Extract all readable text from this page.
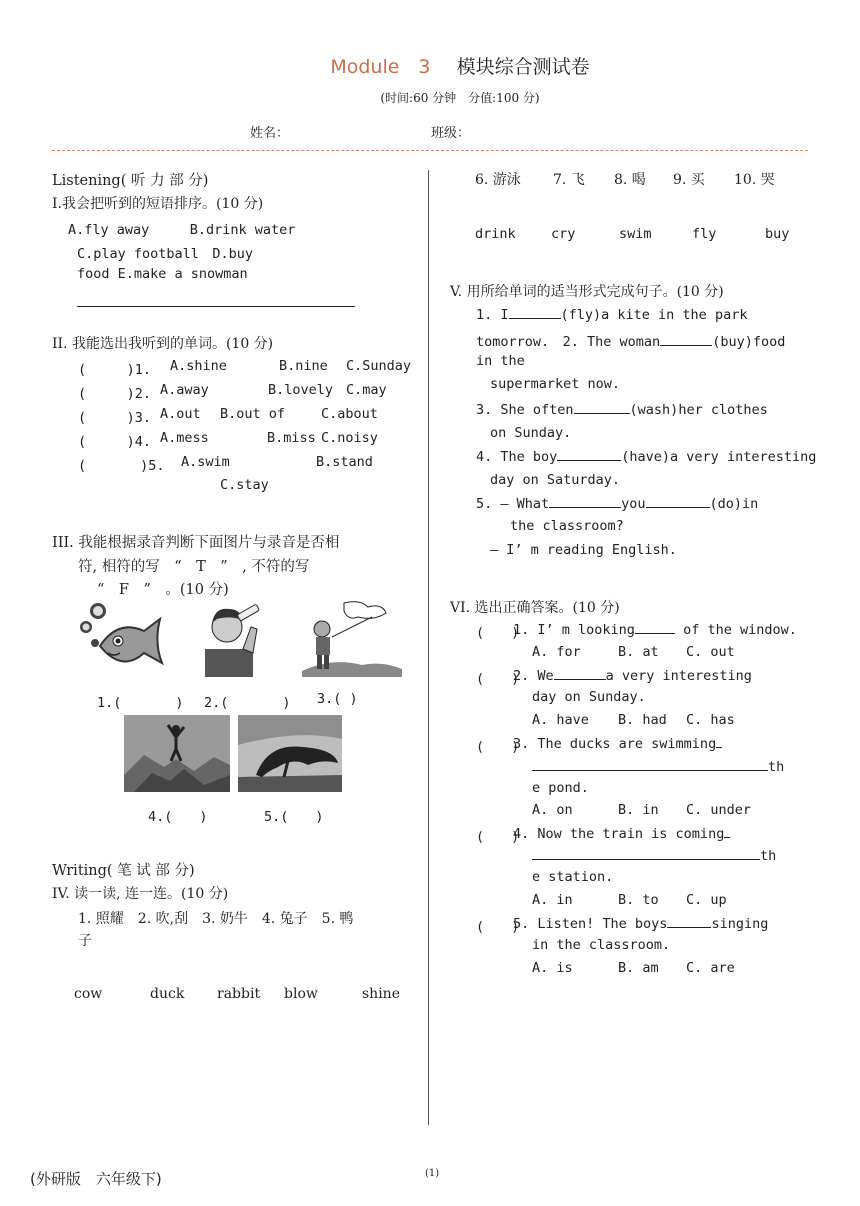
Module　3 模块综合测试卷
(时间:60 分钟　分值:100 分)
姓名：	班级：
Listening( 听 力 部 分)
Ⅰ.我会把听到的短语排序。(10 分)
A.fly away　　　B.drink water
C.play football　D.buy
food E.make a snowman
II. 我能选出我听到的单词。(10 分)
(　　　)1. A.shine	B.nine C.Sunday
(　　　)2. A.away	B.lovely C.may
(　　　)3. A.out B.out of	C.about
(　　　)4. A.mess	B.miss C.noisy
(　　　　)5. A.swim	B.stand
C.stay
III. 我能根据录音判断下面图片与录音是否相
符, 相符的写　“　T　”　, 不符的写
“　F　”　。(10 分)
1.(　　　　) 2.(　　　　) 3.( )
4.(　　)	5.(　　)
Writing( 笔 试 部 分)
IV. 读一读, 连一连。(10 分)
1. 照耀　2. 吹,刮　3. 奶牛　4. 兔子　5. 鸭
子
cow	duck rabbit blow	shine
6. 游泳 7. 飞 8. 喝 9. 买 10. 哭
drink	cry	swim	fly	buy
V. 用所给单词的适当形式完成句子。(10 分)
1. I	(fly)a kite in the park
tomorrow.　2. The woman	(buy)food
in the
supermarket now.
3. She often	(wash)her clothes
on Sunday.
4. The boy	(have)a very interesting
day on Saturday.
5. — What	you	(do)in
the classroom?
— I’ m reading English.
VI. 选出正确答案。(10 分)
(　　)
1. I’ m looking	of the window.
A. for	B. at C. out
(　　)
2. We	a very interesting
day on Sunday.
A. have B. had C. has
(　　)
3. The ducks are swimming
th
e pond.
A. on	B. in C. under
(　　)
4. Now the train is coming
th
e station.
A. in	B. to C. up
(　　)
5. Listen! The boys	singing
in the classroom.
A. is	B. am C. are
(外研版　六年级下)	(1)
